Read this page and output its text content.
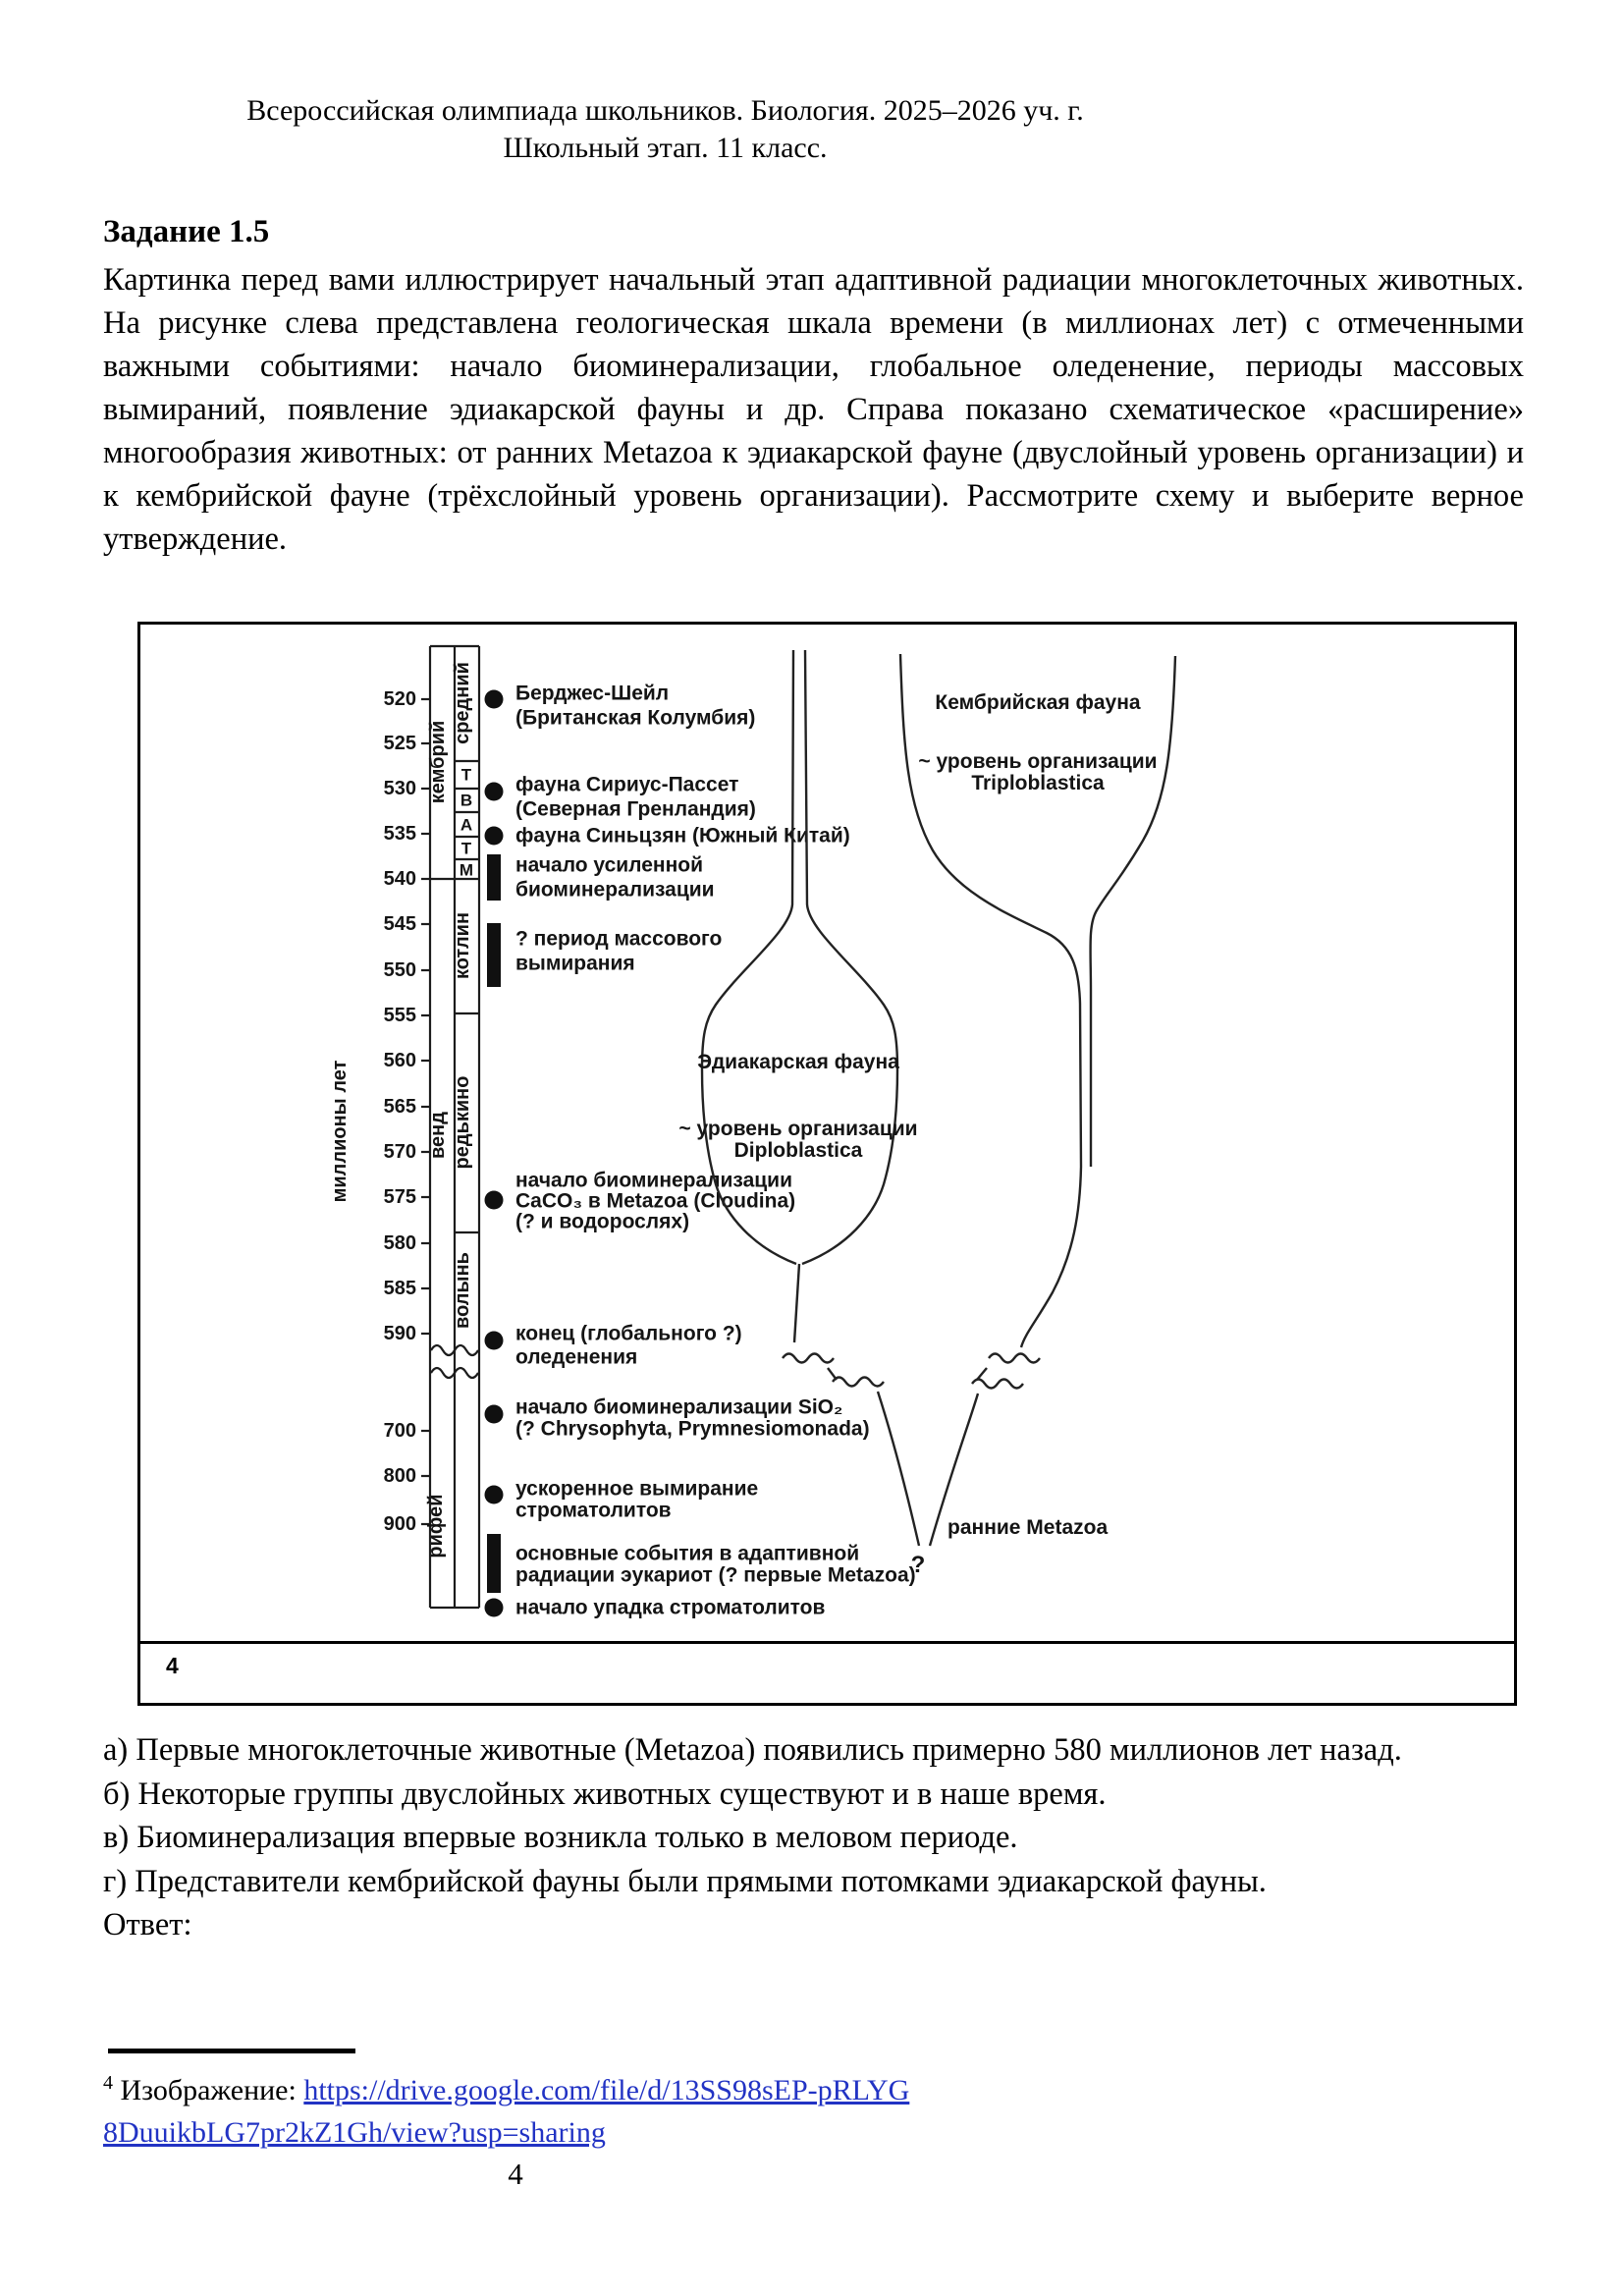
Всероссийская олимпиада школьников. Биология. 2025–2026 уч. г.
Школьный этап. 11 класс.

Задание 1.5

Картинка перед вами иллюстрирует начальный этап адаптивной радиации многоклеточных животных. На рисунке слева представлена геологическая шкала времени (в миллионах лет) с отмеченными важными событиями: начало биоминерализации, глобальное оледенение, периоды массовых вымираний, появление эдиакарской фауны и др. Справа показано схематическое «расширение» многообразия животных: от ранних Metazoa к эдиакарской фауне (двуслойный уровень организации) и к кембрийской фауне (трёхслойный уровень организации). Рассмотрите схему и выберите верное утверждение.

520
525
530
535
540
545
550
555
560
565
570
575
580
585
590
700
800
900
миллионы лет
кембрий
венд
рифей
средний
Т
В
А
Т
М
котлин
редькино
волынь
Берджес-Шейл
(Британская Колумбия)
фауна Сириус-Пассет
(Северная Гренландия)
фауна Синьцзян (Южный Китай)
начало усиленной
биоминерализации
? период массового
вымирания
начало биоминерализации
CaCO₃ в Metazoa (Cloudina)
(? и водорослях)
конец (глобального ?)
оледенения
начало биоминерализации SiO₂
(? Chrysophyta, Prymnesiomonada)
ускоренное вымирание
строматолитов
основные события в адаптивной
радиации эукариот (? первые Metazoa)
начало упадка строматолитов
Кембрийская фауна
~ уровень организации
Triploblastica
Эдиакарская фауна
~ уровень организации
Diploblastica
ранние Metazoa
?
4

а) Первые многоклеточные животные (Metazoa) появились примерно 580 миллионов лет назад.

б) Некоторые группы двуслойных животных существуют и в наше время.

в) Биоминерализация впервые возникла только в меловом периоде.

г) Представители кембрийской фауны были прямыми потомками эдиакарской фауны.

Ответ:

$^4$ Изображение: https://drive.google.com/file/d/13SS98sEP-pRLYG8DuuikbLG7pr2kZ1Gh/view?usp=sharing
4
